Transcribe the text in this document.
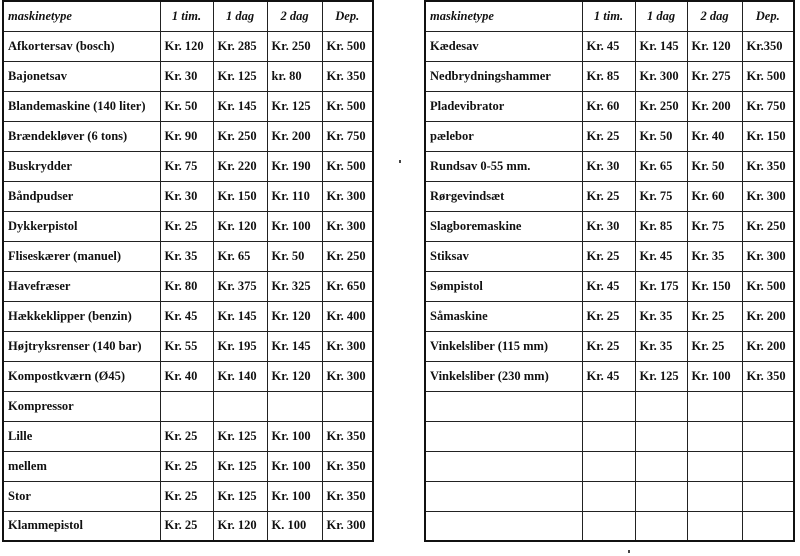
maskinetype	1 tim.	1 dag	2 dag	Dep.
Afkortersav (bosch)	Kr. 120	Kr. 285	Kr. 250	Kr. 500
Bajonetsav	Kr. 30	Kr. 125	kr. 80	Kr. 350
Blandemaskine (140 liter)	Kr. 50	Kr. 145	Kr. 125	Kr. 500
Brændekløver (6 tons)	Kr. 90	Kr. 250	Kr. 200	Kr. 750
Buskrydder	Kr. 75	Kr. 220	Kr. 190	Kr. 500
Båndpudser	Kr. 30	Kr. 150	Kr. 110	Kr. 300
Dykkerpistol	Kr. 25	Kr. 120	Kr. 100	Kr. 300
Fliseskærer (manuel)	Kr. 35	Kr. 65	Kr. 50	Kr. 250
Havefræser	Kr. 80	Kr. 375	Kr. 325	Kr. 650
Hækkeklipper (benzin)	Kr. 45	Kr. 145	Kr. 120	Kr. 400
Højtryksrenser (140 bar)	Kr. 55	Kr. 195	Kr. 145	Kr. 300
Kompostkværn (Ø45)	Kr. 40	Kr. 140	Kr. 120	Kr. 300
Kompressor				
Lille	Kr. 25	Kr. 125	Kr. 100	Kr. 350
mellem	Kr. 25	Kr. 125	Kr. 100	Kr. 350
Stor	Kr. 25	Kr. 125	Kr. 100	Kr. 350
Klammepistol	Kr. 25	Kr. 120	K. 100	Kr. 300
maskinetype	1 tim.	1 dag	2 dag	Dep.
Kædesav	Kr. 45	Kr. 145	Kr. 120	Kr.350
Nedbrydningshammer	Kr. 85	Kr. 300	Kr. 275	Kr. 500
Pladevibrator	Kr. 60	Kr. 250	Kr. 200	Kr. 750
pælebor	Kr. 25	Kr. 50	Kr. 40	Kr. 150
Rundsav 0-55 mm.	Kr. 30	Kr. 65	Kr. 50	Kr. 350
Rørgevindsæt	Kr. 25	Kr. 75	Kr. 60	Kr. 300
Slagboremaskine	Kr. 30	Kr. 85	Kr. 75	Kr. 250
Stiksav	Kr. 25	Kr. 45	Kr. 35	Kr. 300
Sømpistol	Kr. 45	Kr. 175	Kr. 150	Kr. 500
Såmaskine	Kr. 25	Kr. 35	Kr. 25	Kr. 200
Vinkelsliber (115 mm)	Kr. 25	Kr. 35	Kr. 25	Kr. 200
Vinkelsliber (230 mm)	Kr. 45	Kr. 125	Kr. 100	Kr. 350
